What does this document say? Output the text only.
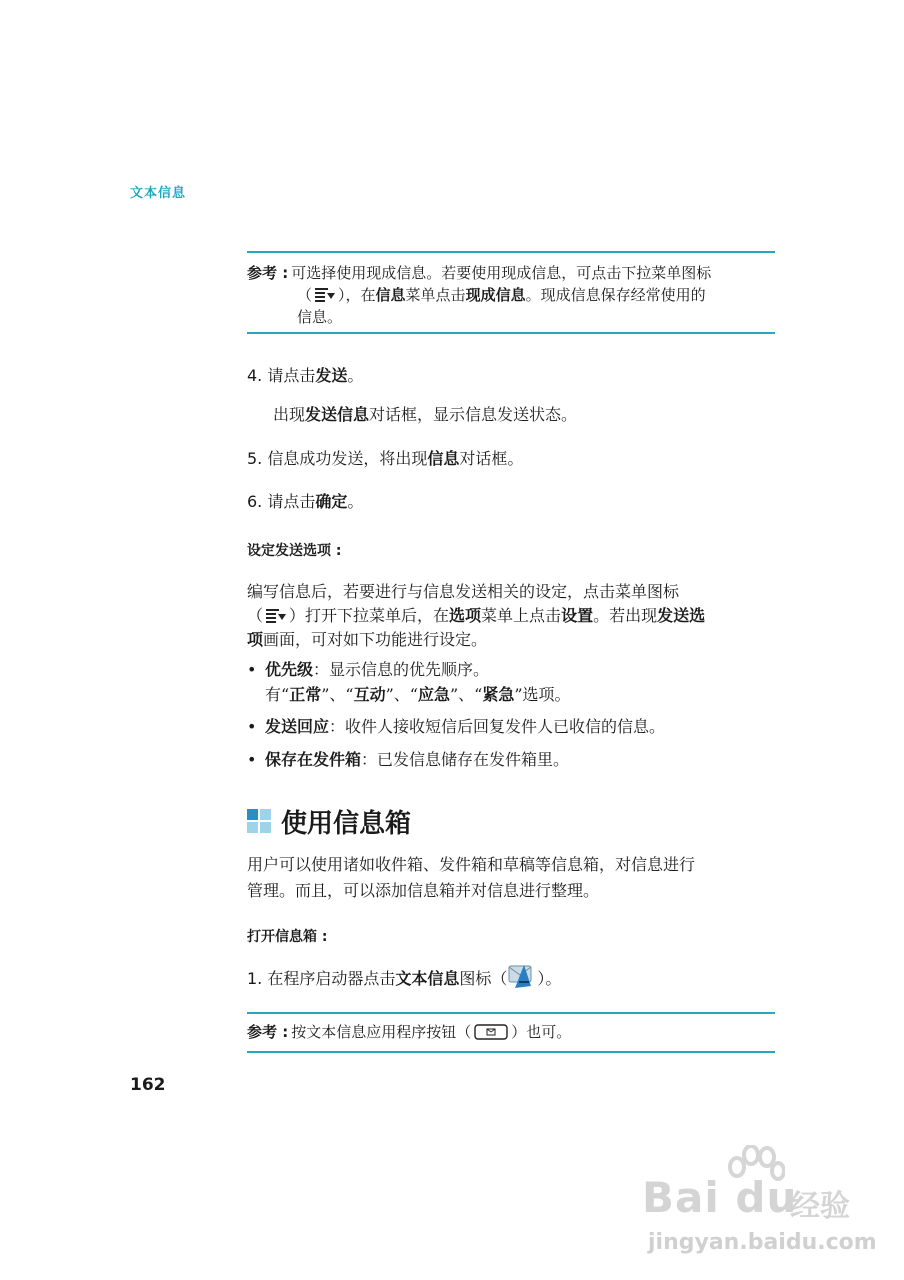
文本信息
参考 : 可选择使用现成信息。若要使用现成信息，可点击下拉菜单图标
（ ），在信息菜单点击现成信息。现成信息保存经常使用的
信息。
4. 请点击发送。
出现发送信息对话框，显示信息发送状态。
5. 信息成功发送，将出现信息对话框。
6. 请点击确定。
设定发送选项 :
编写信息后，若要进行与信息发送相关的设定，点击菜单图标
（ ）打开下拉菜单后，在选项菜单上点击设置。若出现发送选
项画面，可对如下功能进行设定。
• 优先级：显示信息的优先顺序。
有“正常”、“互动”、“应急”、“紧急”选项。
• 发送回应：收件人接收短信后回复发件人已收信的信息。
• 保存在发件箱：已发信息储存在发件箱里。
使用信息箱
用户可以使用诸如收件箱、发件箱和草稿等信息箱，对信息进行
管理。而且，可以添加信息箱并对信息进行整理。
打开信息箱 :
1. 在程序启动器点击文本信息图标（ ）。
参考 : 按文本信息应用程序按钮（	）也可。
162
Bai du
经验
jingyan.baidu.com
